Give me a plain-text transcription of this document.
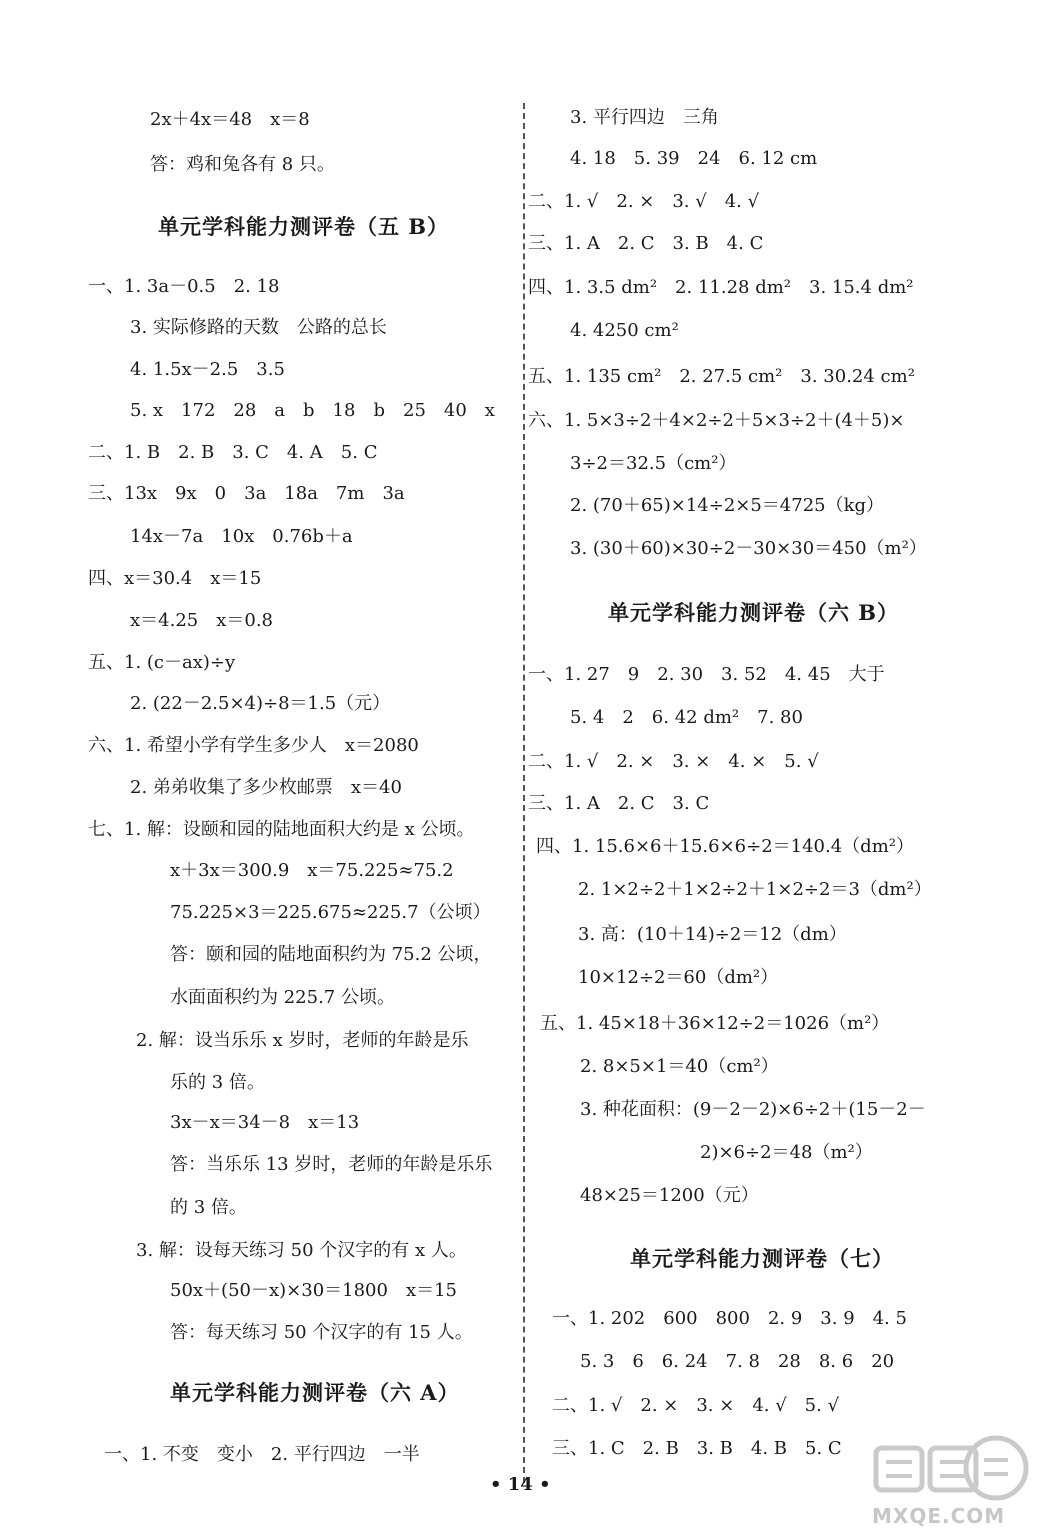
2x＋4x＝48　x＝8
答：鸡和兔各有 8 只。
单元学科能力测评卷（五 B）
一、1. 3a－0.5　2. 18
3. 实际修路的天数　公路的总长
4. 1.5x－2.5　3.5
5. x　172　28　a　b　18　b　25　40　x
二、1. B　2. B　3. C　4. A　5. C
三、13x　9x　0　3a　18a　7m　3a
14x－7a　10x　0.76b＋a
四、x＝30.4　x＝15
x＝4.25　x＝0.8
五、1. (c－ax)÷y
2. (22－2.5×4)÷8＝1.5（元）
六、1. 希望小学有学生多少人　x＝2080
2. 弟弟收集了多少枚邮票　x＝40
七、1. 解：设颐和园的陆地面积大约是 x 公顷。
x＋3x＝300.9　x＝75.225≈75.2
75.225×3＝225.675≈225.7（公顷）
答：颐和园的陆地面积约为 75.2 公顷，
水面面积约为 225.7 公顷。
2. 解：设当乐乐 x 岁时，老师的年龄是乐
乐的 3 倍。
3x－x＝34－8　x＝13
答：当乐乐 13 岁时，老师的年龄是乐乐
的 3 倍。
3. 解：设每天练习 50 个汉字的有 x 人。
50x＋(50－x)×30＝1800　x＝15
答：每天练习 50 个汉字的有 15 人。
单元学科能力测评卷（六 A）
一、1. 不变　变小　2. 平行四边　一半
3. 平行四边　三角
4. 18　5. 39　24　6. 12 cm
二、1. √　2. ×　3. √　4. √
三、1. A　2. C　3. B　4. C
四、1. 3.5 dm²　2. 11.28 dm²　3. 15.4 dm²
4. 4250 cm²
五、1. 135 cm²　2. 27.5 cm²　3. 30.24 cm²
六、1. 5×3÷2＋4×2÷2＋5×3÷2＋(4＋5)×
3÷2＝32.5（cm²）
2. (70＋65)×14÷2×5＝4725（kg）
3. (30＋60)×30÷2－30×30＝450（m²）
单元学科能力测评卷（六 B）
一、1. 27　9　2. 30　3. 52　4. 45　大于
5. 4　2　6. 42 dm²　7. 80
二、1. √　2. ×　3. ×　4. ×　5. √
三、1. A　2. C　3. C
四、1. 15.6×6＋15.6×6÷2＝140.4（dm²）
2. 1×2÷2＋1×2÷2＋1×2÷2＝3（dm²）
3. 高：(10＋14)÷2＝12（dm）
10×12÷2＝60（dm²）
五、1. 45×18＋36×12÷2＝1026（m²）
2. 8×5×1＝40（cm²）
3. 种花面积：(9－2－2)×6÷2＋(15－2－
2)×6÷2＝48（m²）
48×25＝1200（元）
单元学科能力测评卷（七）
一、1. 202　600　800　2. 9　3. 9　4. 5
5. 3　6　6. 24　7. 8　28　8. 6　20
二、1. √　2. ×　3. ×　4. √　5. √
三、1. C　2. B　3. B　4. B　5. C
• 14 •
MXQE.COM
